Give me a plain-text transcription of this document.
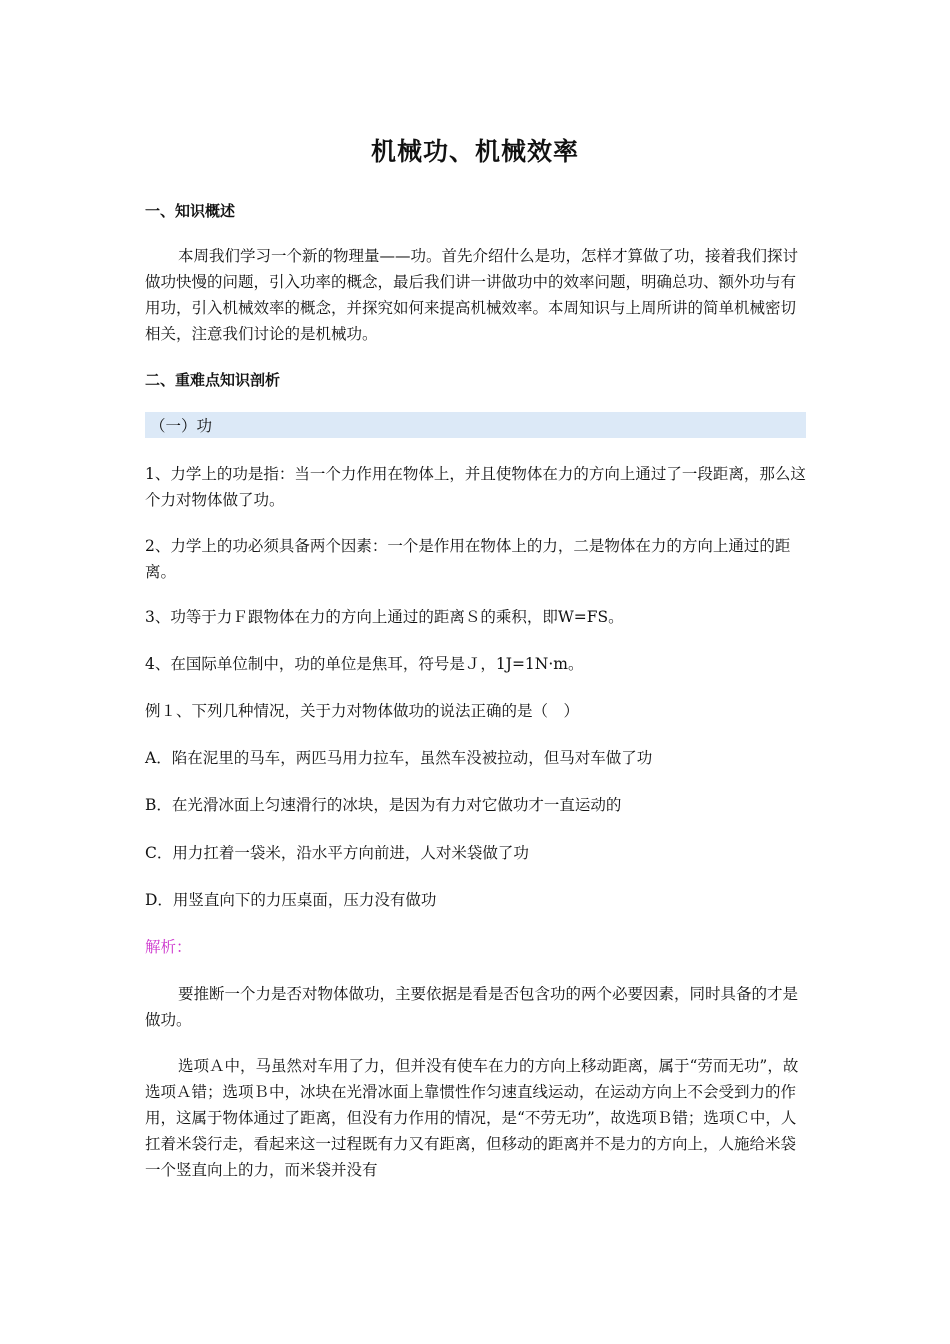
机械功、机械效率
一、知识概述
本周我们学习一个新的物理量——功。首先介绍什么是功，怎样才算做了功，接着我们探讨做功快慢的问题，引入功率的概念，最后我们讲一讲做功中的效率问题，明确总功、额外功与有用功，引入机械效率的概念，并探究如何来提高机械效率。本周知识与上周所讲的简单机械密切相关，注意我们讨论的是机械功。
二、重难点知识剖析
（一）功
1、力学上的功是指：当一个力作用在物体上，并且使物体在力的方向上通过了一段距离，那么这个力对物体做了功。
2、力学上的功必须具备两个因素：一个是作用在物体上的力，二是物体在力的方向上通过的距离。
3、功等于力Ｆ跟物体在力的方向上通过的距离Ｓ的乘积，即W=FS。
4、在国际单位制中，功的单位是焦耳，符号是Ｊ，1J=1N·m。
例１、下列几种情况，关于力对物体做功的说法正确的是（　）
A．陷在泥里的马车，两匹马用力拉车，虽然车没被拉动，但马对车做了功
B．在光滑冰面上匀速滑行的冰块，是因为有力对它做功才一直运动的
C．用力扛着一袋米，沿水平方向前进，人对米袋做了功
D．用竖直向下的力压桌面，压力没有做功
解析：
要推断一个力是否对物体做功，主要依据是看是否包含功的两个必要因素，同时具备的才是做功。
选项Ａ中，马虽然对车用了力，但并没有使车在力的方向上移动距离，属于“劳而无功”，故选项Ａ错；选项Ｂ中，冰块在光滑冰面上靠惯性作匀速直线运动，在运动方向上不会受到力的作用，这属于物体通过了距离，但没有力作用的情况，是“不劳无功”，故选项Ｂ错；选项Ｃ中，人扛着米袋行走，看起来这一过程既有力又有距离，但移动的距离并不是力的方向上，人施给米袋一个竖直向上的力，而米袋并没有
